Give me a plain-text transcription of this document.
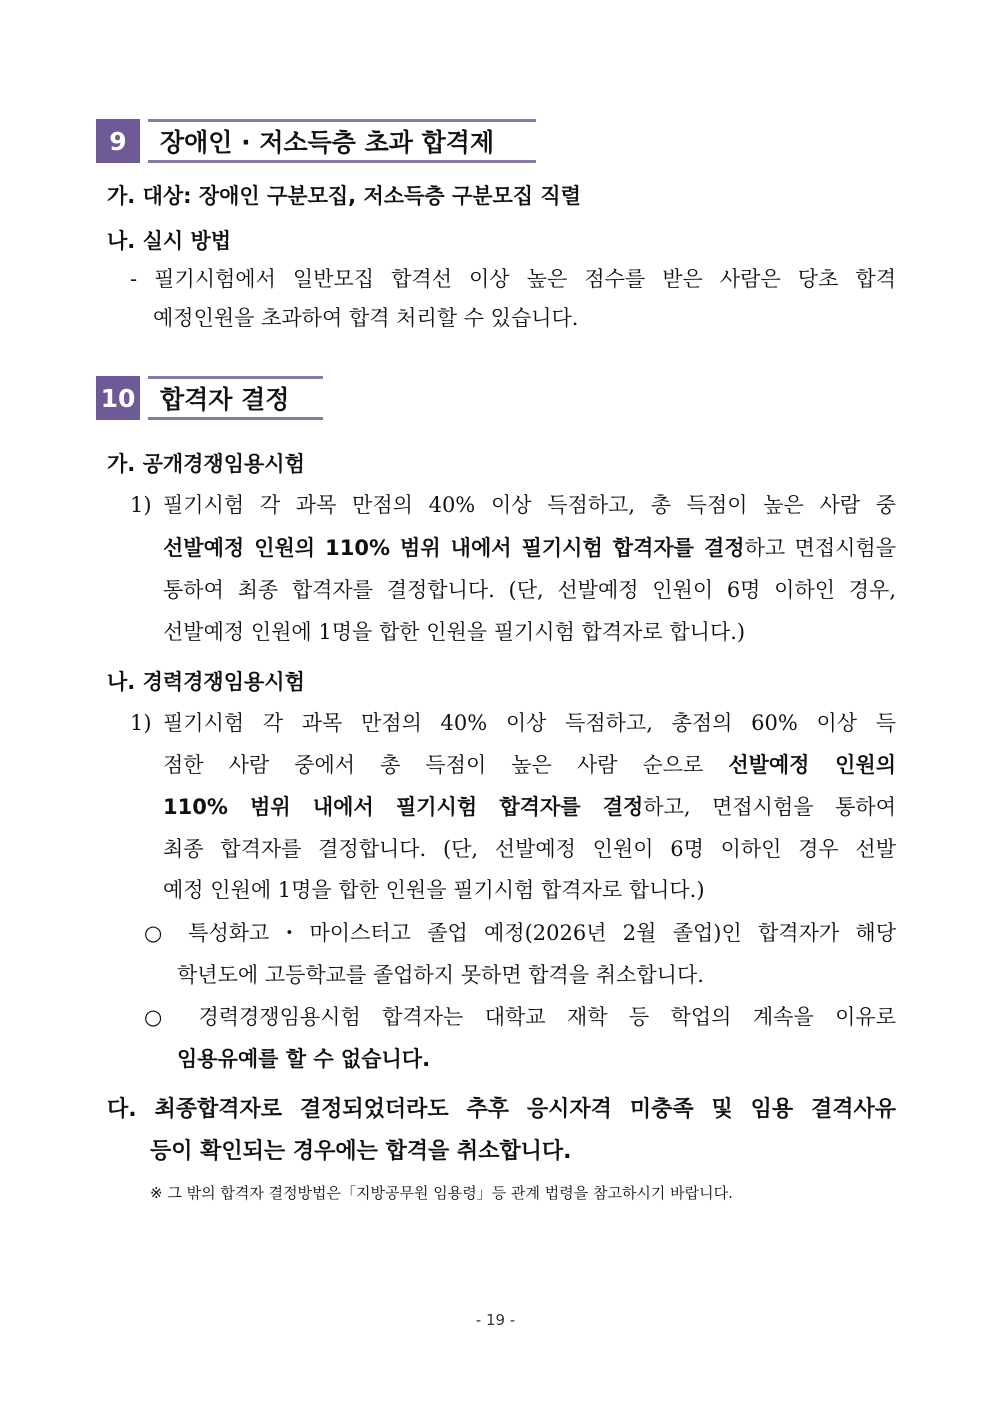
9	장애인 · 저소득층 초과 합격제
가. 대상: 장애인 구분모집, 저소득층 구분모집 직렬
나. 실시 방법
- 필기시험에서 일반모집 합격선 이상 높은 점수를 받은 사람은 당초 합격
예정인원을 초과하여 합격 처리할 수 있습니다.
10 합격자 결정
가. 공개경쟁임용시험
1) 필기시험 각 과목 만점의 40% 이상 득점하고, 총 득점이 높은 사람 중
선발예정 인원의 110% 범위 내에서 필기시험 합격자를 결정하고 면접시험을
통하여 최종 합격자를 결정합니다. (단, 선발예정 인원이 6명 이하인 경우,
선발예정 인원에 1명을 합한 인원을 필기시험 합격자로 합니다.)
나. 경력경쟁임용시험
1) 필기시험 각 과목 만점의 40% 이상 득점하고, 총점의 60% 이상 득
점한 사람 중에서 총 득점이 높은 사람 순으로 선발예정 인원의
110% 범위 내에서 필기시험 합격자를 결정하고, 면접시험을 통하여
최종 합격자를 결정합니다. (단, 선발예정 인원이 6명 이하인 경우 선발
예정 인원에 1명을 합한 인원을 필기시험 합격자로 합니다.)
○ 특성화고・마이스터고 졸업 예정(2026년 2월 졸업)인 합격자가 해당
학년도에 고등학교를 졸업하지 못하면 합격을 취소합니다.
○ 경력경쟁임용시험 합격자는 대학교 재학 등 학업의 계속을 이유로
임용유예를 할 수 없습니다.
다. 최종합격자로 결정되었더라도 추후 응시자격 미충족 및 임용 결격사유
등이 확인되는 경우에는 합격을 취소합니다.
※ 그 밖의 합격자 결정방법은「지방공무원 임용령」등 관계 법령을 참고하시기 바랍니다.
- 19 -
